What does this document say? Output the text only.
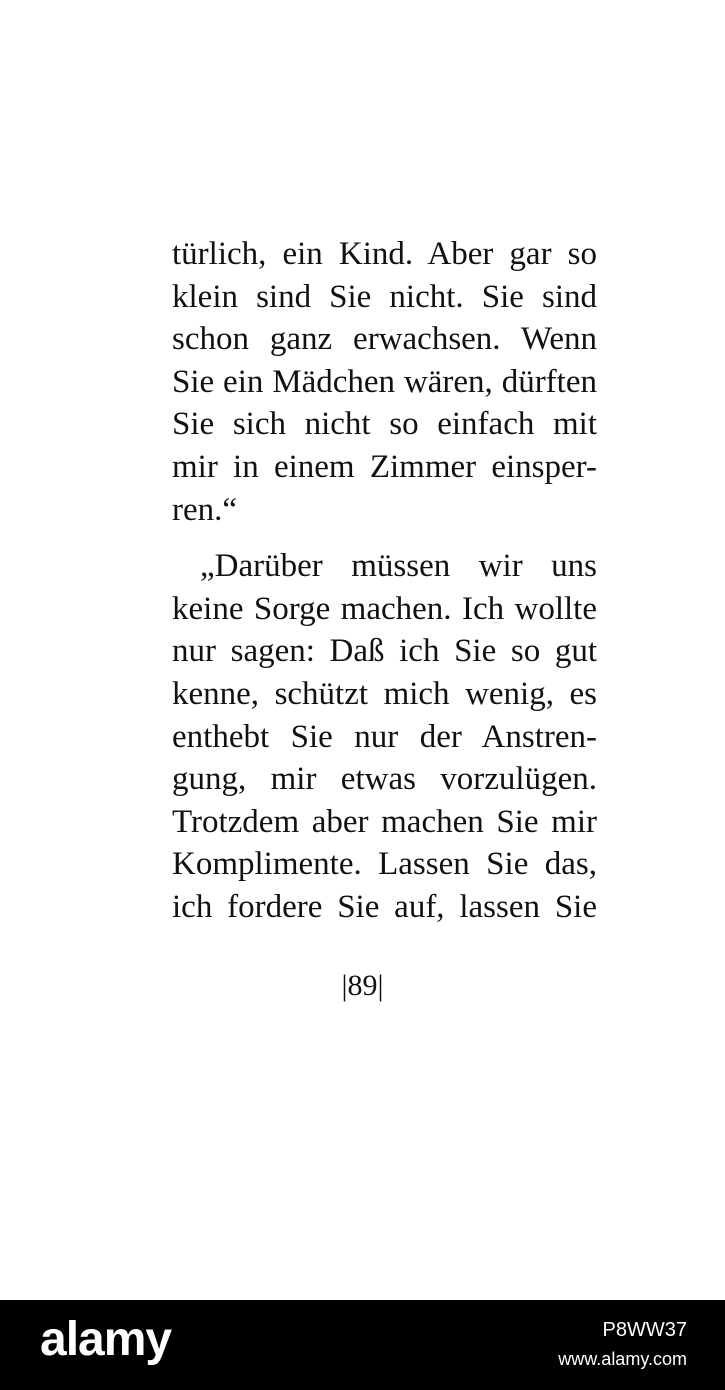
türlich, ein Kind. Aber gar so
klein sind Sie nicht. Sie sind
schon ganz erwachsen. Wenn
Sie ein Mädchen wären, dürften
Sie sich nicht so einfach mit
mir in einem Zimmer einsper-
ren.“
„Darüber müssen wir uns
keine Sorge machen. Ich wollte
nur sagen: Daß ich Sie so gut
kenne, schützt mich wenig, es
enthebt Sie nur der Anstren-
gung, mir etwas vorzulügen.
Trotzdem aber machen Sie mir
Komplimente. Lassen Sie das,
ich fordere Sie auf, lassen Sie
|89|
alamy	P8WW37
www.alamy.com
